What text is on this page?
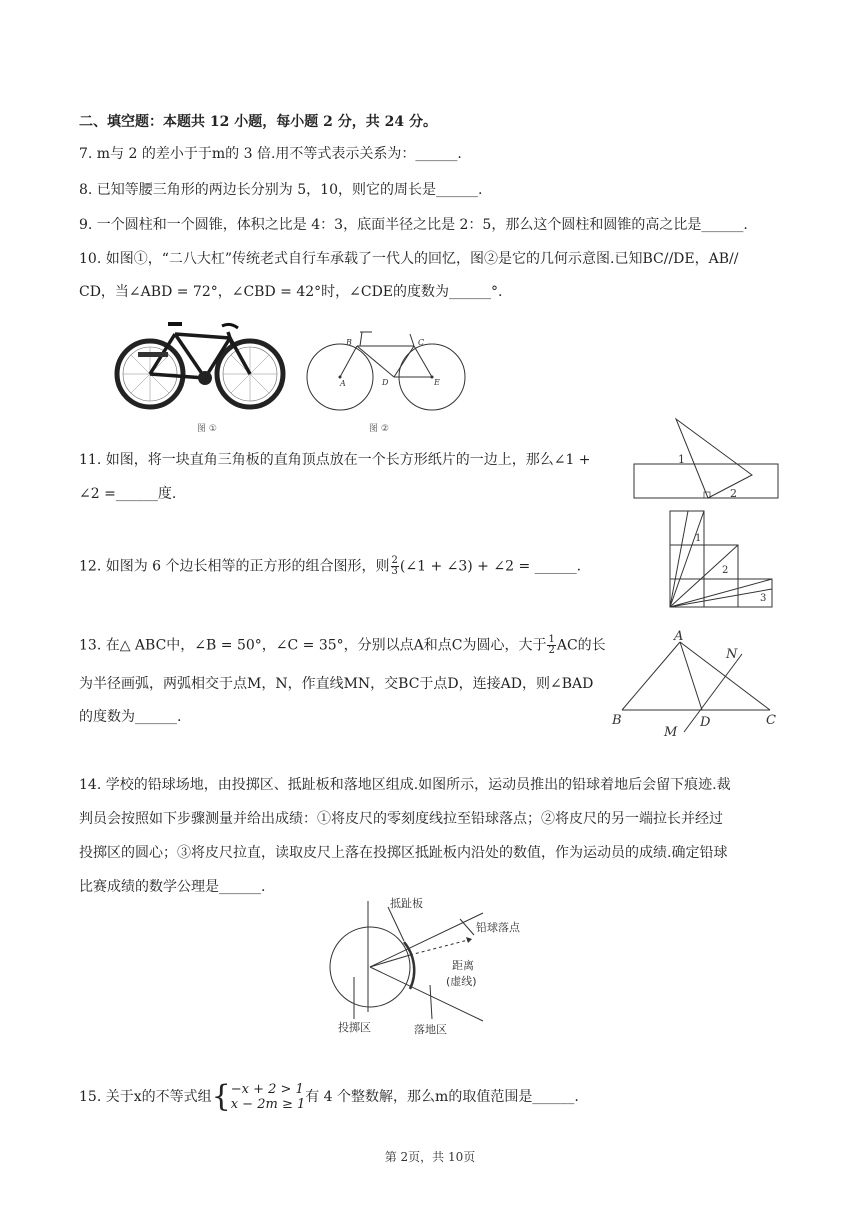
二、填空题：本题共 12 小题，每小题 2 分，共 24 分。
7. m与 2 的差小于于m的 3 倍.用不等式表示关系为：______.
8. 已知等腰三角形的两边长分别为 5，10，则它的周长是______.
9. 一个圆柱和一个圆锥，体积之比是 4：3，底面半径之比是 2：5，那么这个圆柱和圆锥的高之比是______.
10. 如图①，“二八大杠”传统老式自行车承载了一代人的回忆，图②是它的几何示意图.已知BC//DE，AB//
CD，当∠ABD = 72°，∠CBD = 42°时，∠CDE的度数为______°.
图 ①
A
B	C
D	E
图 ②
11. 如图，将一块直角三角板的直角顶点放在一个长方形纸片的一边上，那么∠1 +
∠2 =______度.
1
2
12. 如图为 6 个边长相等的正方形的组合图形，则 $\frac{2}{3}$ (∠1 + ∠3) + ∠2 = ______.
1
2
3
13. 在△ ABC中，∠B = 50°，∠C = 35°，分别以点A和点C为圆心，大于 $\frac{1}{2}$ AC的长
为半径画弧，两弧相交于点M，N，作直线MN，交BC于点D，连接AD，则∠BAD
的度数为______.
A
N
B	D	C
M
14. 学校的铅球场地，由投掷区、抵趾板和落地区组成.如图所示，运动员推出的铅球着地后会留下痕迹.裁
判员会按照如下步骤测量并给出成绩：①将皮尺的零刻度线拉至铅球落点；②将皮尺的另一端拉长并经过
投掷区的圆心；③将皮尺拉直，读取皮尺上落在投掷区抵趾板内沿处的数值，作为运动员的成绩.确定铅球
比赛成绩的数学公理是______.
抵趾板
铅球落点
距离
(虚线)
投掷区	落地区
15. 关于x的不等式组{ −x + 2 > 1
x − 2m ≥ 1 有 4 个整数解，那么m的取值范围是______.
第 2页，共 10页
